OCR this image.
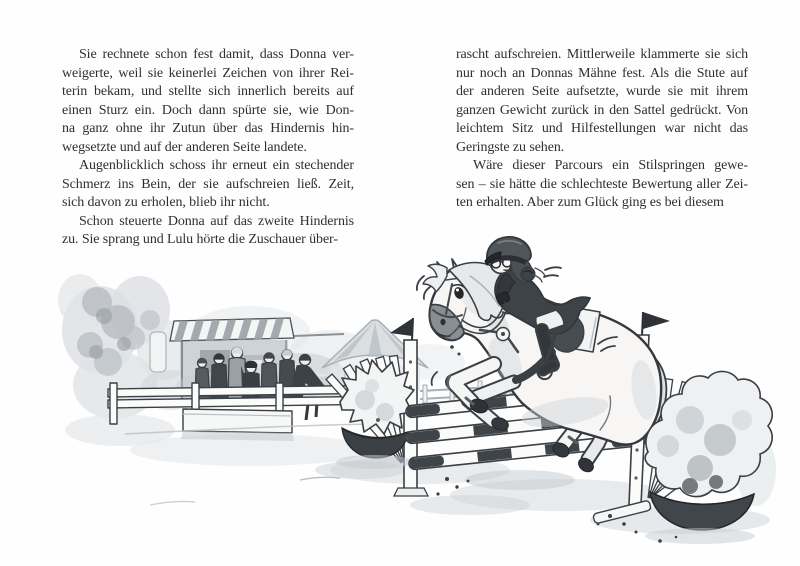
Sie rechnete schon fest damit, dass Donna ver-
weigerte, weil sie keinerlei Zeichen von ihrer Rei-
terin bekam, und stellte sich innerlich bereits auf
einen Sturz ein. Doch dann spürte sie, wie Don-
na ganz ohne ihr Zutun über das Hindernis hin-
wegsetzte und auf der anderen Seite landete.
Augenblicklich schoss ihr erneut ein stechender
Schmerz ins Bein, der sie aufschreien ließ. Zeit,
sich davon zu erholen, blieb ihr nicht.
Schon steuerte Donna auf das zweite Hindernis
zu. Sie sprang und Lulu hörte die Zuschauer über-
rascht aufschreien. Mittlerweile klammerte sie sich
nur noch an Donnas Mähne fest. Als die Stute auf
der anderen Seite aufsetzte, wurde sie mit ihrem
ganzen Gewicht zurück in den Sattel gedrückt. Von
leichtem Sitz und Hilfestellungen war nicht das
Geringste zu sehen.
Wäre dieser Parcours ein Stilspringen gewe-
sen – sie hätte die schlechteste Bewertung aller Zei-
ten erhalten. Aber zum Glück ging es bei diesem
